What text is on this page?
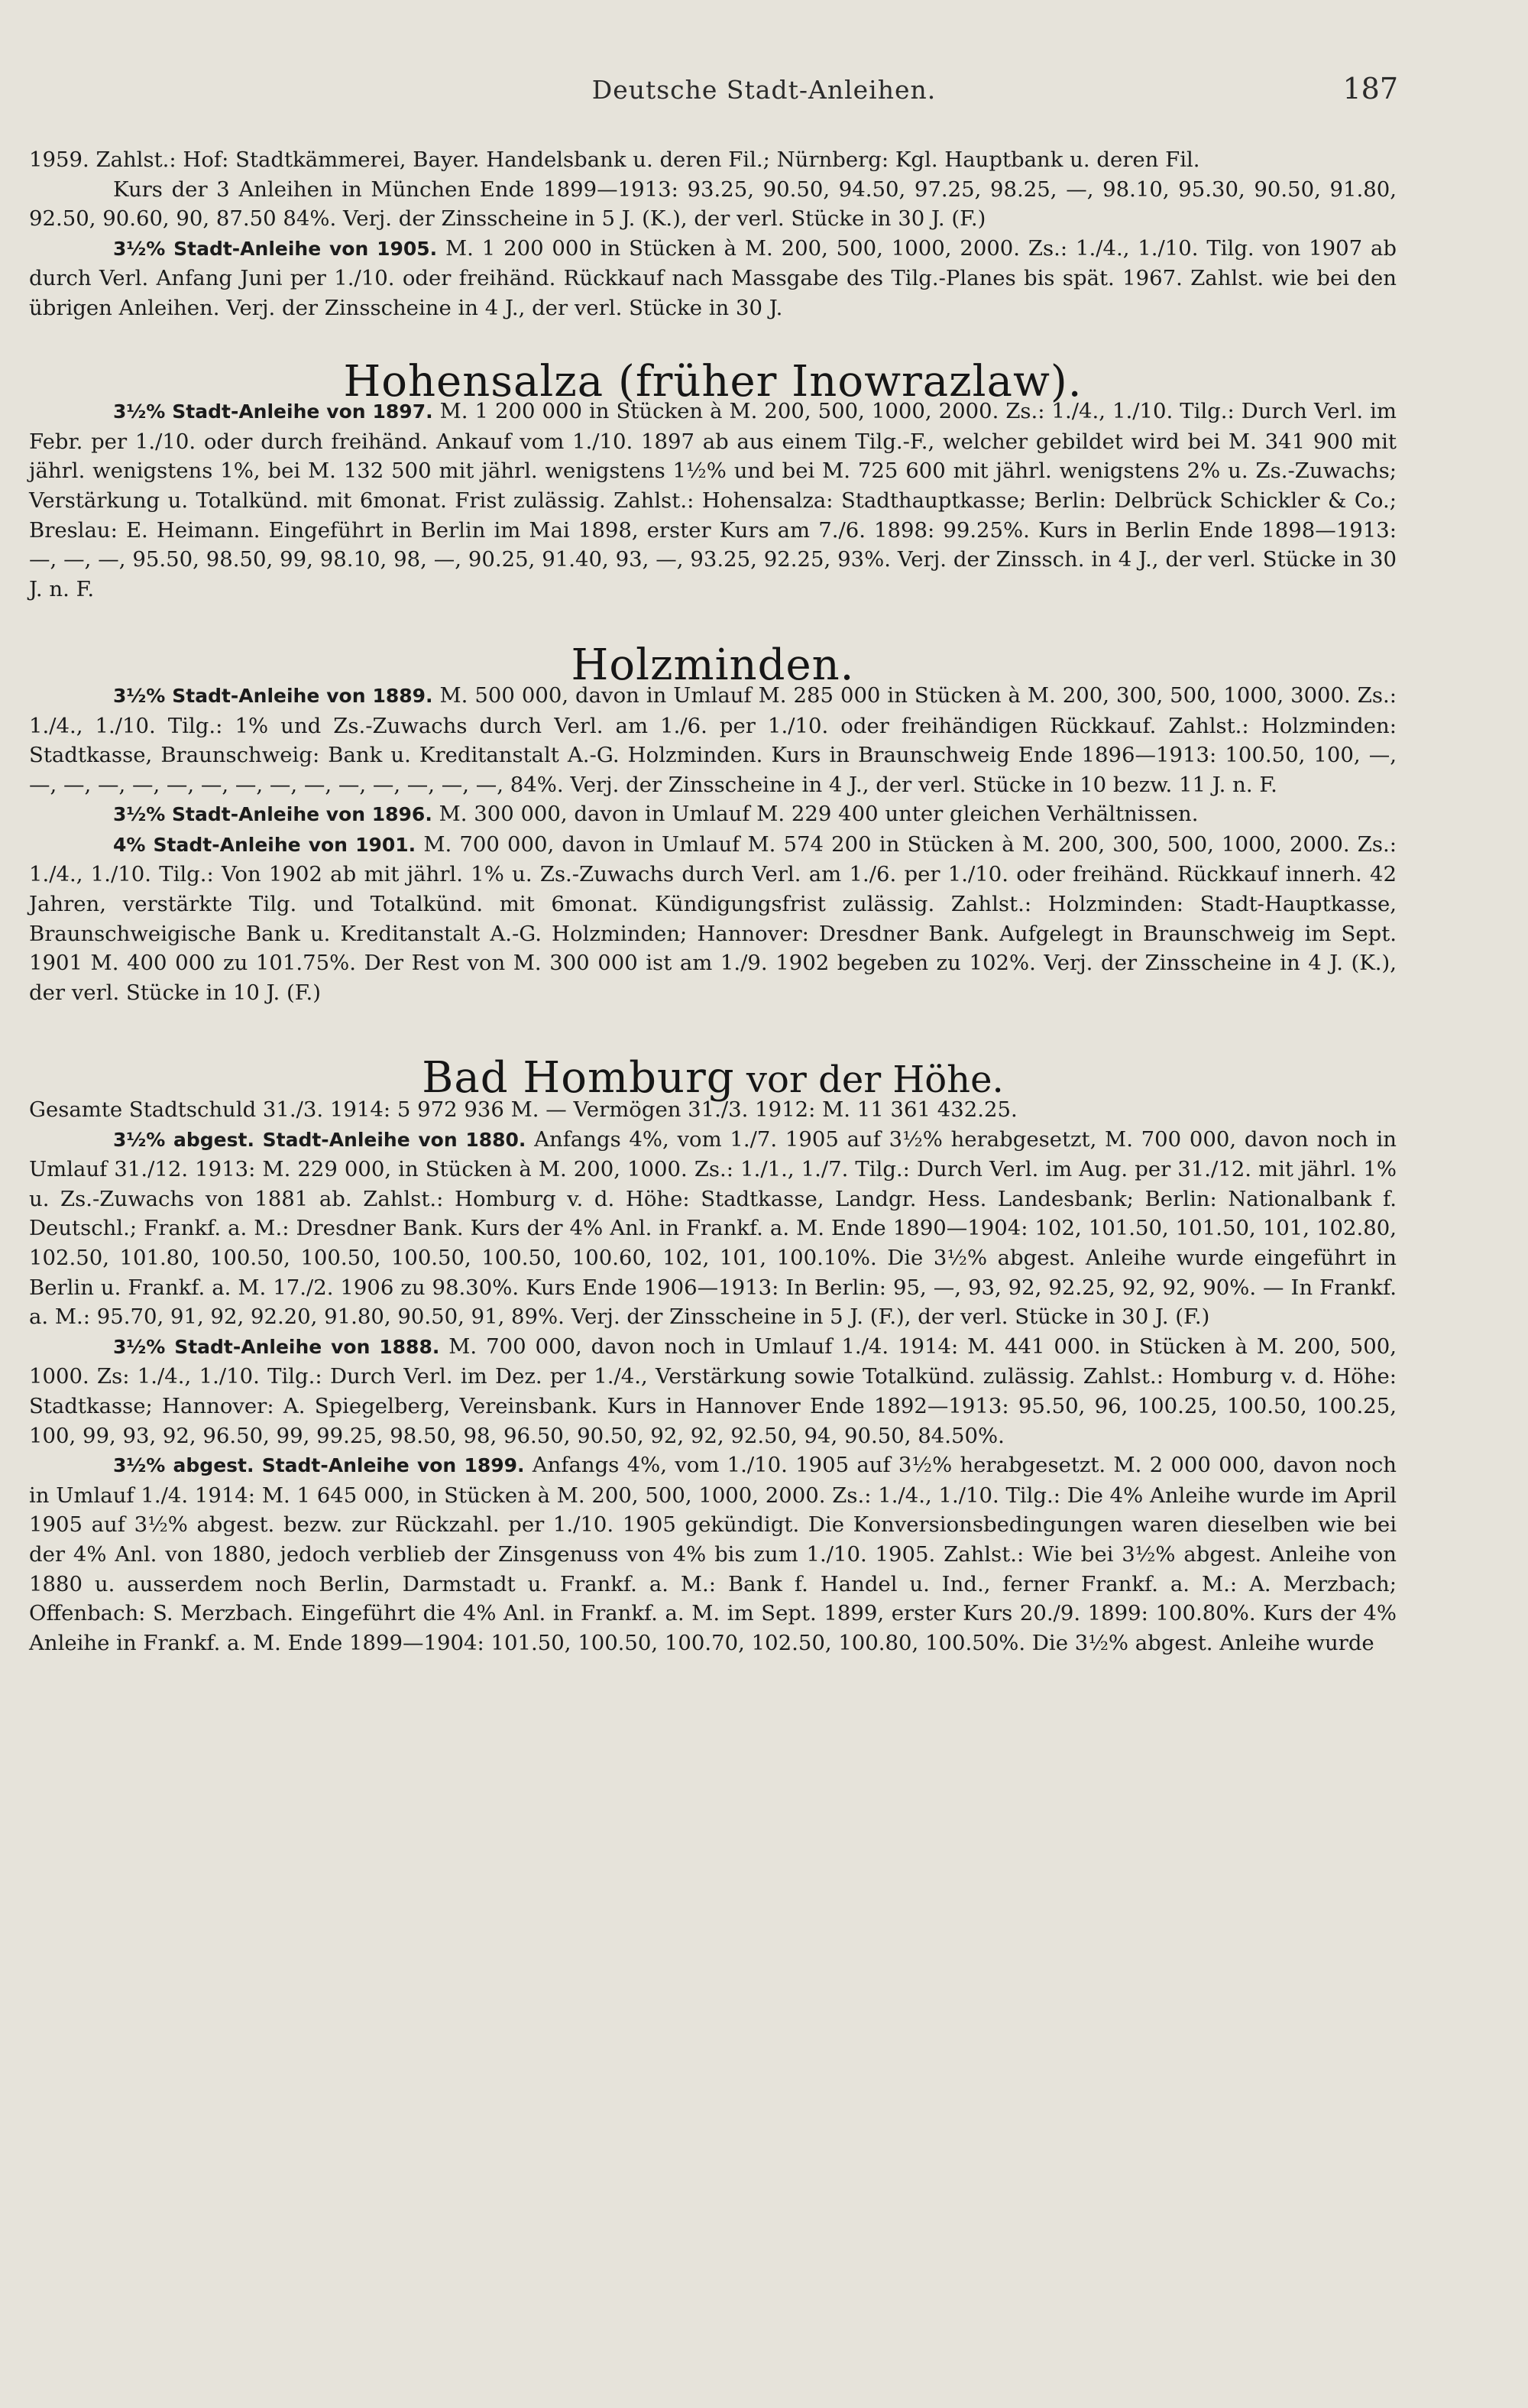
Deutsche Stadt-Anleihen.	187

1959. Zahlst.: Hof: Stadtkämmerei, Bayer. Handelsbank u. deren Fil.; Nürnberg: Kgl. Hauptbank u. deren Fil.

Kurs der 3 Anleihen in München Ende 1899—1913: 93.25, 90.50, 94.50, 97.25, 98.25, —, 98.10, 95.30, 90.50, 91.80, 92.50, 90.60, 90, 87.50 84%. Verj. der Zinsscheine in 5 J. (K.), der verl. Stücke in 30 J. (F.)

3½% Stadt-Anleihe von 1905. M. 1 200 000 in Stücken à M. 200, 500, 1000, 2000. Zs.: 1./4., 1./10. Tilg. von 1907 ab durch Verl. Anfang Juni per 1./10. oder freihänd. Rückkauf nach Massgabe des Tilg.-Planes bis spät. 1967. Zahlst. wie bei den übrigen Anleihen. Verj. der Zinsscheine in 4 J., der verl. Stücke in 30 J.

Hohensalza (früher Inowrazlaw).

3½% Stadt-Anleihe von 1897. M. 1 200 000 in Stücken à M. 200, 500, 1000, 2000. Zs.: 1./4., 1./10. Tilg.: Durch Verl. im Febr. per 1./10. oder durch freihänd. Ankauf vom 1./10. 1897 ab aus einem Tilg.-F., welcher gebildet wird bei M. 341 900 mit jährl. wenigstens 1%, bei M. 132 500 mit jährl. wenigstens 1½% und bei M. 725 600 mit jährl. wenigstens 2% u. Zs.-Zuwachs; Verstärkung u. Totalkünd. mit 6monat. Frist zulässig. Zahlst.: Hohensalza: Stadthauptkasse; Berlin: Delbrück Schickler & Co.; Breslau: E. Heimann. Eingeführt in Berlin im Mai 1898, erster Kurs am 7./6. 1898: 99.25%. Kurs in Berlin Ende 1898—1913: —, —, —, 95.50, 98.50, 99, 98.10, 98, —, 90.25, 91.40, 93, —, 93.25, 92.25, 93%. Verj. der Zinssch. in 4 J., der verl. Stücke in 30 J. n. F.

Holzminden.

3½% Stadt-Anleihe von 1889. M. 500 000, davon in Umlauf M. 285 000 in Stücken à M. 200, 300, 500, 1000, 3000. Zs.: 1./4., 1./10. Tilg.: 1% und Zs.-Zuwachs durch Verl. am 1./6. per 1./10. oder freihändigen Rückkauf. Zahlst.: Holzminden: Stadtkasse, Braunschweig: Bank u. Kreditanstalt A.-G. Holzminden. Kurs in Braunschweig Ende 1896—1913: 100.50, 100, —, —, —, —, —, —, —, —, —, —, —, —, —, —, —, 84%. Verj. der Zinsscheine in 4 J., der verl. Stücke in 10 bezw. 11 J. n. F.

3½% Stadt-Anleihe von 1896. M. 300 000, davon in Umlauf M. 229 400 unter gleichen Verhältnissen.

4% Stadt-Anleihe von 1901. M. 700 000, davon in Umlauf M. 574 200 in Stücken à M. 200, 300, 500, 1000, 2000. Zs.: 1./4., 1./10. Tilg.: Von 1902 ab mit jährl. 1% u. Zs.-Zuwachs durch Verl. am 1./6. per 1./10. oder freihänd. Rückkauf innerh. 42 Jahren, verstärkte Tilg. und Totalkünd. mit 6monat. Kündigungsfrist zulässig. Zahlst.: Holzminden: Stadt-Hauptkasse, Braunschweigische Bank u. Kreditanstalt A.-G. Holzminden; Hannover: Dresdner Bank. Aufgelegt in Braunschweig im Sept. 1901 M. 400 000 zu 101.75%. Der Rest von M. 300 000 ist am 1./9. 1902 begeben zu 102%. Verj. der Zinsscheine in 4 J. (K.), der verl. Stücke in 10 J. (F.)

Bad Homburg vor der Höhe.

Gesamte Stadtschuld 31./3. 1914: 5 972 936 M. — Vermögen 31./3. 1912: M. 11 361 432.25.

3½% abgest. Stadt-Anleihe von 1880. Anfangs 4%, vom 1./7. 1905 auf 3½% herabgesetzt, M. 700 000, davon noch in Umlauf 31./12. 1913: M. 229 000, in Stücken à M. 200, 1000. Zs.: 1./1., 1./7. Tilg.: Durch Verl. im Aug. per 31./12. mit jährl. 1% u. Zs.-Zuwachs von 1881 ab. Zahlst.: Homburg v. d. Höhe: Stadtkasse, Landgr. Hess. Landesbank; Berlin: Nationalbank f. Deutschl.; Frankf. a. M.: Dresdner Bank. Kurs der 4% Anl. in Frankf. a. M. Ende 1890—1904: 102, 101.50, 101.50, 101, 102.80, 102.50, 101.80, 100.50, 100.50, 100.50, 100.50, 100.60, 102, 101, 100.10%. Die 3½% abgest. Anleihe wurde eingeführt in Berlin u. Frankf. a. M. 17./2. 1906 zu 98.30%. Kurs Ende 1906—1913: In Berlin: 95, —, 93, 92, 92.25, 92, 92, 90%. — In Frankf. a. M.: 95.70, 91, 92, 92.20, 91.80, 90.50, 91, 89%. Verj. der Zinsscheine in 5 J. (F.), der verl. Stücke in 30 J. (F.)

3½% Stadt-Anleihe von 1888. M. 700 000, davon noch in Umlauf 1./4. 1914: M. 441 000. in Stücken à M. 200, 500, 1000. Zs: 1./4., 1./10. Tilg.: Durch Verl. im Dez. per 1./4., Verstärkung sowie Totalkünd. zulässig. Zahlst.: Homburg v. d. Höhe: Stadtkasse; Hannover: A. Spiegelberg, Vereinsbank. Kurs in Hannover Ende 1892—1913: 95.50, 96, 100.25, 100.50, 100.25, 100, 99, 93, 92, 96.50, 99, 99.25, 98.50, 98, 96.50, 90.50, 92, 92, 92.50, 94, 90.50, 84.50%.

3½% abgest. Stadt-Anleihe von 1899. Anfangs 4%, vom 1./10. 1905 auf 3½% herabgesetzt. M. 2 000 000, davon noch in Umlauf 1./4. 1914: M. 1 645 000, in Stücken à M. 200, 500, 1000, 2000. Zs.: 1./4., 1./10. Tilg.: Die 4% Anleihe wurde im April 1905 auf 3½% abgest. bezw. zur Rückzahl. per 1./10. 1905 gekündigt. Die Konversionsbedingungen waren dieselben wie bei der 4% Anl. von 1880, jedoch verblieb der Zinsgenuss von 4% bis zum 1./10. 1905. Zahlst.: Wie bei 3½% abgest. Anleihe von 1880 u. ausserdem noch Berlin, Darmstadt u. Frankf. a. M.: Bank f. Handel u. Ind., ferner Frankf. a. M.: A. Merzbach; Offenbach: S. Merzbach. Eingeführt die 4% Anl. in Frankf. a. M. im Sept. 1899, erster Kurs 20./9. 1899: 100.80%. Kurs der 4% Anleihe in Frankf. a. M. Ende 1899—1904: 101.50, 100.50, 100.70, 102.50, 100.80, 100.50%. Die 3½% abgest. Anleihe wurde
